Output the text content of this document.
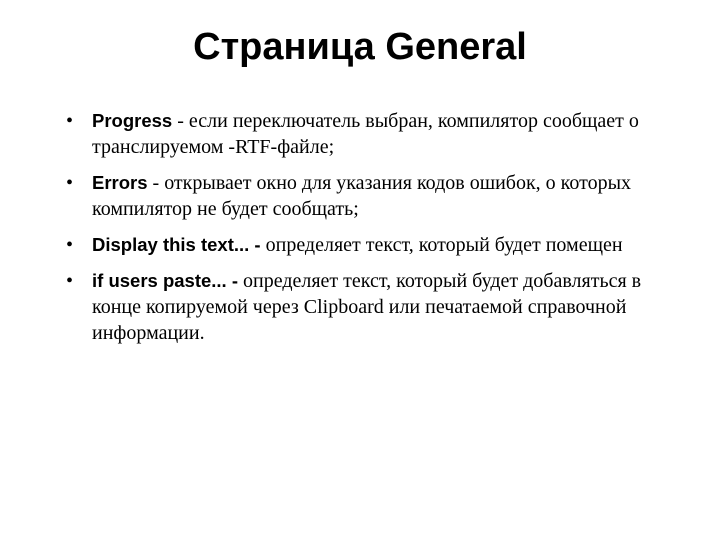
Страница General
• Progress - если переключатель выбран, компилятор сообщает о транслируемом -RTF-файле;
• Errors - открывает окно для указания кодов ошибок, о которых компилятор не будет сообщать;
• Display this text... - определяет текст, который будет помещен
• if users paste... - определяет текст, который будет добавляться в конце копируемой через Clipboard или печатаемой справочной информации.
